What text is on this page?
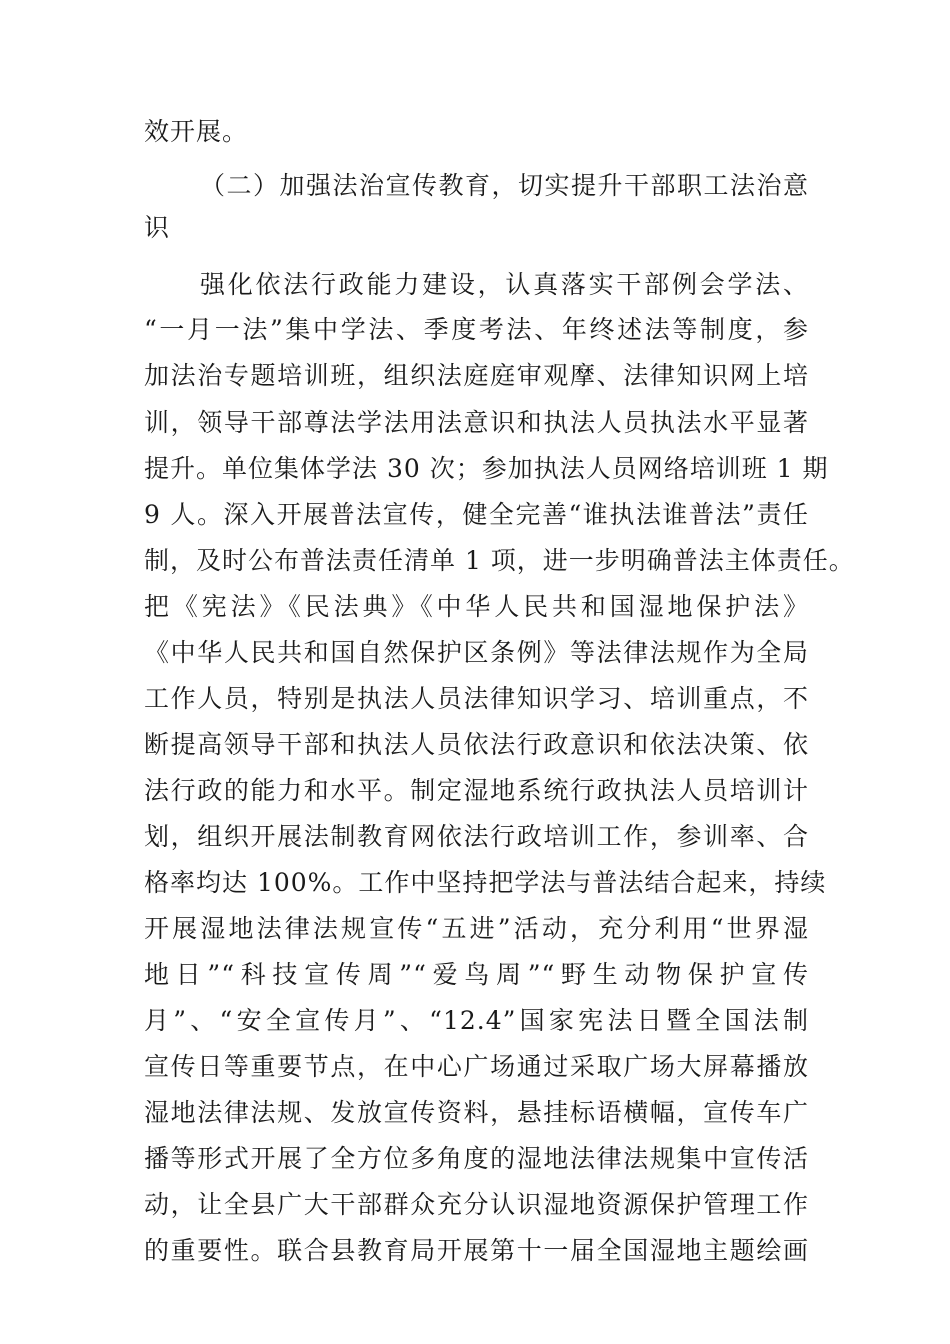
效开展。
（二）加强法治宣传教育，切实提升干部职工法治意
识
强化依法行政能力建设，认真落实干部例会学法、
“一月一法”集中学法、季度考法、年终述法等制度，参
加法治专题培训班，组织法庭庭审观摩、法律知识网上培
训，领导干部尊法学法用法意识和执法人员执法水平显著
提升。单位集体学法 30 次；参加执法人员网络培训班 1 期
9 人。深入开展普法宣传，健全完善“谁执法谁普法”责任
制，及时公布普法责任清单 1 项，进一步明确普法主体责任。
把《宪法》《民法典》《中华人民共和国湿地保护法》
《中华人民共和国自然保护区条例》等法律法规作为全局
工作人员，特别是执法人员法律知识学习、培训重点，不
断提高领导干部和执法人员依法行政意识和依法决策、依
法行政的能力和水平。制定湿地系统行政执法人员培训计
划，组织开展法制教育网依法行政培训工作，参训率、合
格率均达 100%。工作中坚持把学法与普法结合起来，持续
开展湿地法律法规宣传“五进”活动，充分利用“世界湿
地日”“科技宣传周”“爱鸟周”“野生动物保护宣传
月”、“安全宣传月”、“12.4”国家宪法日暨全国法制
宣传日等重要节点，在中心广场通过采取广场大屏幕播放
湿地法律法规、发放宣传资料，悬挂标语横幅，宣传车广
播等形式开展了全方位多角度的湿地法律法规集中宣传活
动，让全县广大干部群众充分认识湿地资源保护管理工作
的重要性。联合县教育局开展第十一届全国湿地主题绘画
